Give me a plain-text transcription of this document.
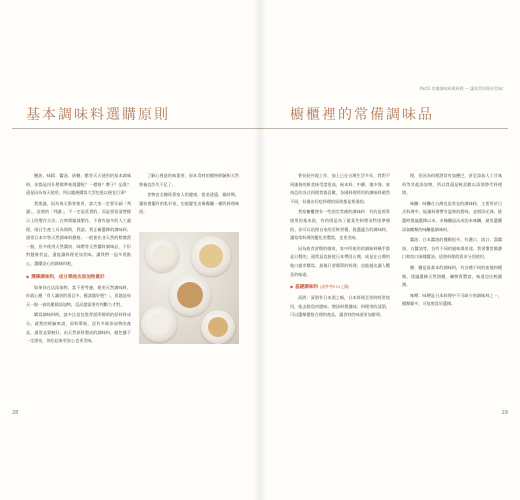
基本調味料選購原則

鹽油、味精、醬油、砂糖、醋等天天使用的基本調味料，你都是用什麼標準來挑選呢？一價格？牌子？品質？還是因為每天使用，所以隨便購買大型包裝以便宜行事？

我建議，因為每天都要使用，請大家一定要仔細「判讀」，這裡的「判讀」，不一定是延貴的，而是要看清楚標示上的製作方法。在時間縮減製作，不會有過多的人工處理，兩日生產工具為與時，我請，我正確選擇的調味料。通常日本市售天然調味料價格，一般會比非天然的稍微貴一點，但多使用天然醬油、味噌等天然醬料調味品，不但對健康有益，還能讓料理更加美味。讓我們一起多用點心，選購安心的調味料吧。

◆ 選擇調味料，成分單純去添加物最好

如果你在店添加物，當不要考慮，使用天然調味料，你就心應「有人識別的項目多，應該越好吧？」，但越是每天一點一滴的累積添加物，反而越需要有判斷力才對。

購買調味料時，請多注意包裝背面所標明的原材料成分。就我的經驗來說，原料單純、沒有多餘添加物的產品，通常品質較好。由天然原料製成的調味料，顏色雖不一定漂亮，但吃起來更安心也更美味。

了解心裡最的味重要，原本食材的價格經驗和天然營養也許失不足了。

食物安全關係著家人的健康，從老爸還、親時期，讓家裡擺有的私好家，也能變化出像餐廳一樣的料理味道。

28
Part2 常備調味料與料理 — 讓家常料理更美味！
櫥櫃裡的常備調味品

曾長駐外地工作，加上已在台灣生活多年，我對不同風格的飲食接受度很高，極本料、中藥、地中海、東南亞的各式料理我都喜歡，各國料理所用的調味料截然不同，但做出好吃料理的原則都是相通的。

我家櫥櫃裡有一些固定常備的調味料：有的是經常使用的基本款，有的則是為了做某些料理而特別準備的。你可以依照自家的烹飪習慣，挑選適合的調味料，讓家常料理的變化更豐富，也更美味。

因為飲食習慣的緣故，家中所使用的調味料幾乎都是日製的，通常是直接從日本帶回台灣，或是在台灣的進口超市購買。最後只要簡單的料理，也能做出讓人驚喜的味道。

◆ 基礎調味料 (請參考P.31上圖)

清酒：清酒有日本酒之稱，日本料理烹煮時經常使用，能去除魚肉腥味、增添料理風味。料理用的清酒，可以選擇價格合理的產品，讓食材的味道更加鮮明。

理，但因為料理酒常有加鹽巴，甚至添加人工甘味料等其他添加物，所以我還是較喜歡以清酒替代料理酒。

味醂：味醂在台灣也是常見的調味料，主要用於日式料理中，能讓料理帶有溫和的甜味，並增添光澤。挑選時建議選擇以米、米麴釀造而成的本味醂，避免選購添加糖類的味醂風調味料。

醬油：日本醬油的種類很多，有濃口、淡口、溜醬油、白醬油等，各有不同的風味與用途。我習慣常備濃口和淡口兩種醬油，依照料理的需求分別使用。

鹽：鹽是最基本的調味料，有各種不同的產地和種類，建議選擇天然海鹽，礦物質豐富，味道也比較圓潤。

味噌：味噌是日本料理中不可缺少的調味料之一，種類繁多，可依照喜好選擇。

29
